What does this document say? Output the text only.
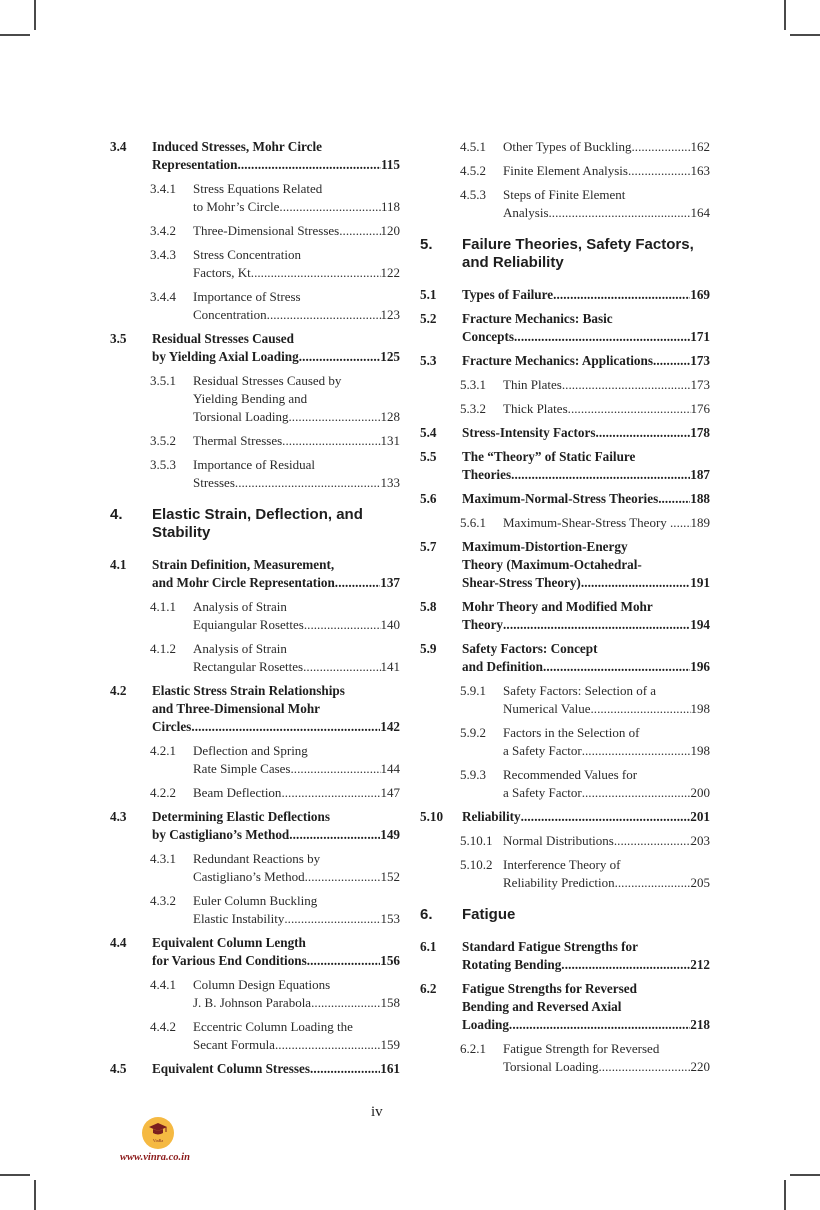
3.4 Induced Stresses, Mohr Circle
Representation . . .	115
3.4.1 Stress Equations Related
to Mohr’s Circle . . .	118
3.4.2 Three-Dimensional Stresses . . .	120
3.4.3 Stress Concentration
Factors, Kt . . .	122
3.4.4 Importance of Stress
Concentration . . .	123
3.5 Residual Stresses Caused
by Yielding Axial Loading . . .	125
3.5.1 Residual Stresses Caused by
Yielding Bending and
Torsional Loading . . .	128
3.5.2 Thermal Stresses . . .	131
3.5.3 Importance of Residual
Stresses . . .	133
4. Elastic Strain, Deflection, and
Stability
4.1 Strain Definition, Measurement,
and Mohr Circle Representation . . .	137
4.1.1 Analysis of Strain
Equiangular Rosettes . . .	140
4.1.2 Analysis of Strain
Rectangular Rosettes . . .	141
4.2 Elastic Stress Strain Relationships
and Three-Dimensional Mohr
Circles . . .	142
4.2.1 Deflection and Spring
Rate Simple Cases . . .	144
4.2.2 Beam Deflection . . .	147
4.3 Determining Elastic Deflections
by Castigliano’s Method . . .	149
4.3.1 Redundant Reactions by
Castigliano’s Method . . .	152
4.3.2 Euler Column Buckling
Elastic Instability . . .	153
4.4 Equivalent Column Length
for Various End Conditions . . .	156
4.4.1 Column Design Equations
J. B. Johnson Parabola . . .	158
4.4.2 Eccentric Column Loading the
Secant Formula . . .	159
4.5 Equivalent Column Stresses . . .	161
4.5.1 Other Types of Buckling . . .	162
4.5.2 Finite Element Analysis . . .	163
4.5.3 Steps of Finite Element
Analysis . . .	164
5. Failure Theories, Safety Factors,
and Reliability
5.1 Types of Failure . . .	169
5.2 Fracture Mechanics: Basic
Concepts . . .	171
5.3 Fracture Mechanics: Applications . . .	173
5.3.1 Thin Plates . . .	173
5.3.2 Thick Plates . . .	176
5.4 Stress-Intensity Factors . . .	178
5.5 The “Theory” of Static Failure
Theories . . .	187
5.6 Maximum-Normal-Stress Theories. . . . 188
5.6.1 Maximum-Shear-Stress Theory . . . . 189
5.7 Maximum-Distortion-Energy
Theory (Maximum-Octahedral-
Shear-Stress Theory) . . .	191
5.8 Mohr Theory and Modified Mohr
Theory . . .	194
5.9 Safety Factors: Concept
and Definition . . .	196
5.9.1 Safety Factors: Selection of a
Numerical Value . . .	198
5.9.2 Factors in the Selection of
a Safety Factor . . .	198
5.9.3 Recommended Values for
a Safety Factor . . .	200
5.10 Reliability . . .	201
5.10.1 Normal Distributions . . .	203
5.10.2 Interference Theory of
Reliability Prediction . . .	205
6. Fatigue
6.1 Standard Fatigue Strengths for
Rotating Bending . . .	212
6.2 Fatigue Strengths for Reversed
Bending and Reversed Axial
Loading . . .	218
6.2.1 Fatigue Strength for Reversed
Torsional Loading . . .	220
iv
VinRa
www.vinra.co.in
